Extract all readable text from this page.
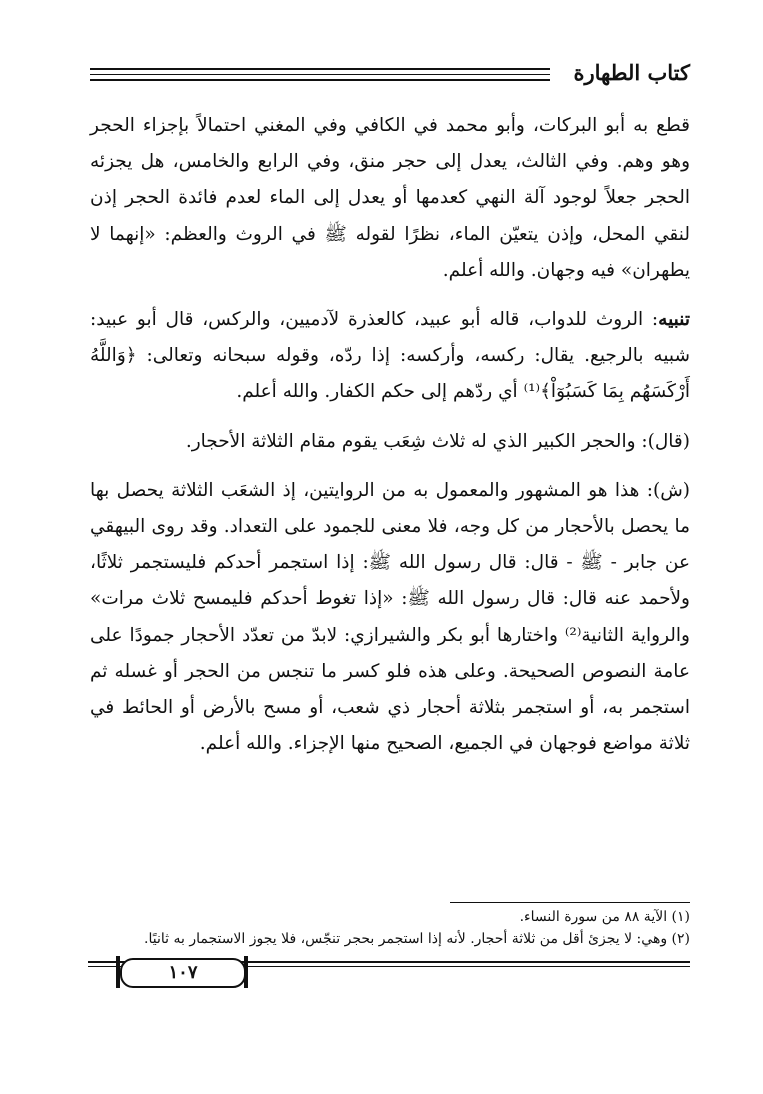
كتاب الطهارة

قطع به أبو البركات، وأبو محمد في الكافي وفي المغني احتمالاً بإجزاء الحجر وهو وهم. وفي الثالث، يعدل إلى حجر منق، وفي الرابع والخامس، هل يجزئه الحجر جعلاً لوجود آلة النهي كعدمها أو يعدل إلى الماء لعدم فائدة الحجر إذن لنقي المحل، وإذن يتعيّن الماء، نظرًا لقوله ﷺ في الروث والعظم: «إنهما لا يطهران» فيه وجهان. والله أعلم.

تنبيه: الروث للدواب، قاله أبو عبيد، كالعذرة لآدميين، والركس، قال أبو عبيد: شبيه بالرجيع. يقال: ركسه، وأركسه: إذا ردّه، وقوله سبحانه وتعالى: ﴿وَاللَّهُ أَرْكَسَهُم بِمَا كَسَبُوٓاْ﴾⁽¹⁾ أي ردّهم إلى حكم الكفار. والله أعلم.

(قال): والحجر الكبير الذي له ثلاث شِعَب يقوم مقام الثلاثة الأحجار.

(ش): هذا هو المشهور والمعمول به من الروايتين، إذ الشعَب الثلاثة يحصل بها ما يحصل بالأحجار من كل وجه، فلا معنى للجمود على التعداد. وقد روى البيهقي عن جابر - ﷺ - قال: قال رسول الله ﷺ: إذا استجمر أحدكم فليستجمر ثلاثًا، ولأحمد عنه قال: قال رسول الله ﷺ: «إذا تغوط أحدكم فليمسح ثلاث مرات» والرواية الثانية⁽²⁾ واختارها أبو بكر والشيرازي: لابدّ من تعدّد الأحجار جمودًا على عامة النصوص الصحيحة. وعلى هذه فلو كسر ما تنجس من الحجر أو غسله ثم استجمر به، أو استجمر بثلاثة أحجار ذي شعب، أو مسح بالأرض أو الحائط في ثلاثة مواضع فوجهان في الجميع، الصحيح منها الإجزاء. والله أعلم.

(١) الآية ٨٨ من سورة النساء.
(٢) وهي: لا يجزئ أقل من ثلاثة أحجار. لأنه إذا استجمر بحجر تنجّس، فلا يجوز الاستجمار به ثانيًا.
١٠٧
